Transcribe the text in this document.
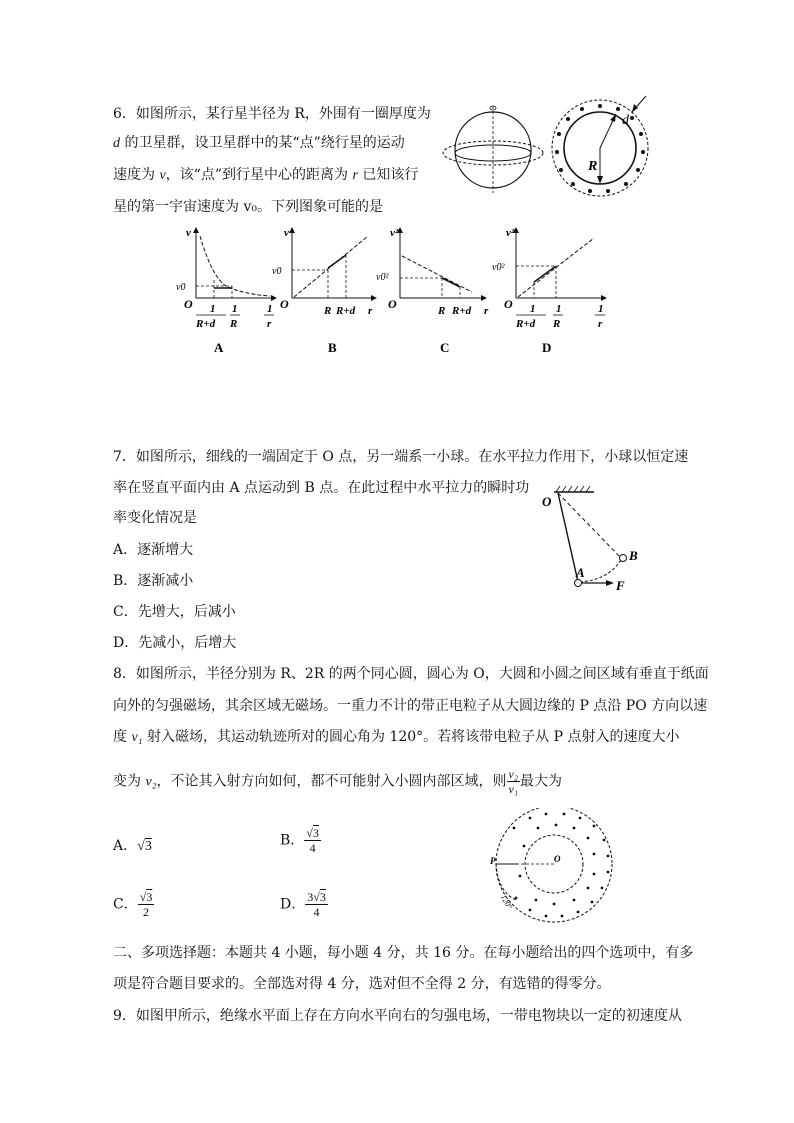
6．如图所示，某行星半径为 R，外围有一圈厚度为
d 的卫星群，设卫星群中的某“点”绕行星的运动
速度为 v，该“点”到行星中心的距离为 r 已知该行
星的第一宇宙速度为 v₀。下列图象可能的是
d
R
v
v0
O 1
R+d
1
R
1
r
A
v
v0
O	R R+d r
B
v²
v0²
O	R R+d r
C
v²
v0²
O 1
R+d
1
R
1
r
D
7．如图所示，细线的一端固定于 O 点，另一端系一小球。在水平拉力作用下，小球以恒定速
率在竖直平面内由 A 点运动到 B 点。在此过程中水平拉力的瞬时功
率变化情况是
A．逐渐增大
B．逐渐减小
C．先增大，后减小
D．先减小，后增大
O
B
A
F
8．如图所示，半径分别为 R、2R 的两个同心圆，圆心为 O，大圆和小圆之间区域有垂直于纸面
向外的匀强磁场，其余区域无磁场。一重力不计的带正电粒子从大圆边缘的 P 点沿 PO 方向以速
度 v₁ 射入磁场，其运动轨迹所对的圆心角为 120°。若将该带电粒子从 P 点射入的速度大小
变为 v₂，不论其入射方向如何，都不可能射入小圆内部区域，则 $\frac{\text{v₂}}{\text{v₁}}$ 最大为
A．√3	B． $\frac{√3}{4}$
C． $\frac{√3}{2}$	D． $\frac{3√3}{4}$
P	O
120°
二、多项选择题：本题共 4 小题，每小题 4 分，共 16 分。在每小题给出的四个选项中，有多
项是符合题目要求的。全部选对得 4 分，选对但不全得 2 分，有选错的得零分。
9．如图甲所示，绝缘水平面上存在方向水平向右的匀强电场，一带电物块以一定的初速度从
